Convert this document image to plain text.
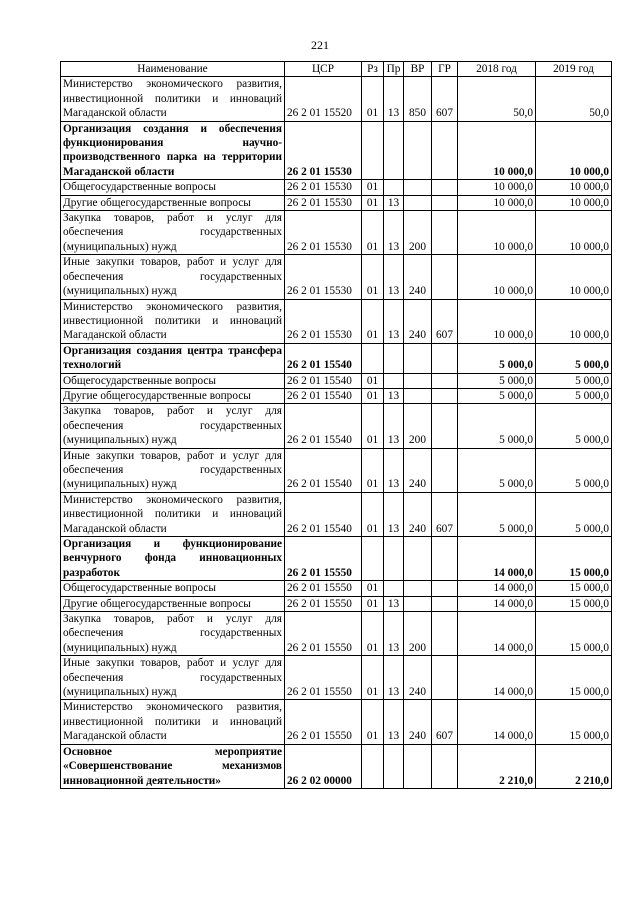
221
Наименование	ЦСР	Рз	Пр	ВР	ГР	2018 год	2019 год
Министерство экономического развития, инвестиционной политики и инноваций Магаданской области	26 2 01 15520	01	13	850	607	50,0	50,0
Организация создания и обеспечения функционирования научно-производственного парка на территории Магаданской области	26 2 01 15530					10 000,0	10 000,0
Общегосударственные вопросы	26 2 01 15530	01				10 000,0	10 000,0
Другие общегосударственные вопросы	26 2 01 15530	01	13			10 000,0	10 000,0
Закупка товаров, работ и услуг для обеспечения государственных (муниципальных) нужд	26 2 01 15530	01	13	200		10 000,0	10 000,0
Иные закупки товаров, работ и услуг для обеспечения государственных (муниципальных) нужд	26 2 01 15530	01	13	240		10 000,0	10 000,0
Министерство экономического развития, инвестиционной политики и инноваций Магаданской области	26 2 01 15530	01	13	240	607	10 000,0	10 000,0
Организация создания центра трансфера технологий	26 2 01 15540					5 000,0	5 000,0
Общегосударственные вопросы	26 2 01 15540	01				5 000,0	5 000,0
Другие общегосударственные вопросы	26 2 01 15540	01	13			5 000,0	5 000,0
Закупка товаров, работ и услуг для обеспечения государственных (муниципальных) нужд	26 2 01 15540	01	13	200		5 000,0	5 000,0
Иные закупки товаров, работ и услуг для обеспечения государственных (муниципальных) нужд	26 2 01 15540	01	13	240		5 000,0	5 000,0
Министерство экономического развития, инвестиционной политики и инноваций Магаданской области	26 2 01 15540	01	13	240	607	5 000,0	5 000,0
Организация и функционирование венчурного фонда инновационных разработок	26 2 01 15550					14 000,0	15 000,0
Общегосударственные вопросы	26 2 01 15550	01				14 000,0	15 000,0
Другие общегосударственные вопросы	26 2 01 15550	01	13			14 000,0	15 000,0
Закупка товаров, работ и услуг для обеспечения государственных (муниципальных) нужд	26 2 01 15550	01	13	200		14 000,0	15 000,0
Иные закупки товаров, работ и услуг для обеспечения государственных (муниципальных) нужд	26 2 01 15550	01	13	240		14 000,0	15 000,0
Министерство экономического развития, инвестиционной политики и инноваций Магаданской области	26 2 01 15550	01	13	240	607	14 000,0	15 000,0
Основное мероприятие «Совершенствование механизмов инновационной деятельности»	26 2 02 00000					2 210,0	2 210,0
